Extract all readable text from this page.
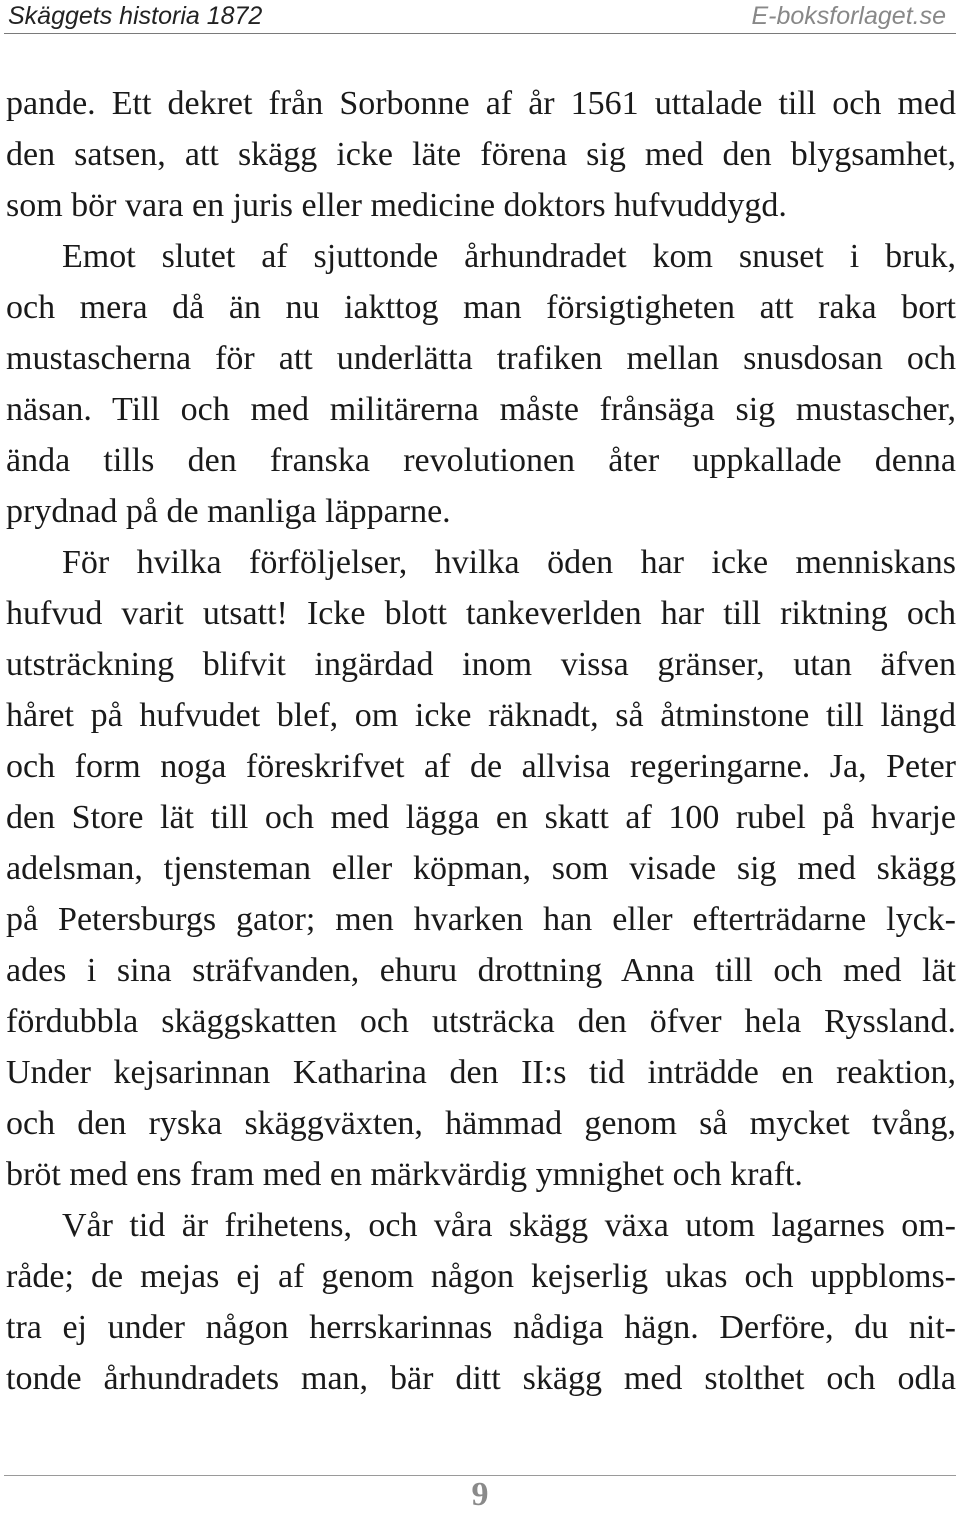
Skäggets historia 1872	E-boksforlaget.se
pande. Ett dekret från Sorbonne af år 1561 uttalade till och med
den satsen, att skägg icke läte förena sig med den blygsamhet,
som bör vara en juris eller medicine doktors hufvuddygd.
Emot slutet af sjuttonde århundradet kom snuset i bruk,
och mera då än nu iakttog man försigtigheten att raka bort
mustascherna för att underlätta trafiken mellan snusdosan och
näsan. Till och med militärerna måste frånsäga sig mustascher,
ända tills den franska revolutionen åter uppkallade denna
prydnad på de manliga läpparne.
För hvilka förföljelser, hvilka öden har icke menniskans
hufvud varit utsatt! Icke blott tankeverlden har till riktning och
utsträckning blifvit ingärdad inom vissa gränser, utan äfven
håret på hufvudet blef, om icke räknadt, så åtminstone till längd
och form noga föreskrifvet af de allvisa regeringarne. Ja, Peter
den Store lät till och med lägga en skatt af 100 rubel på hvarje
adelsman, tjensteman eller köpman, som visade sig med skägg
på Petersburgs gator; men hvarken han eller efterträdarne lyck-
ades i sina sträfvanden, ehuru drottning Anna till och med lät
fördubbla skäggskatten och utsträcka den öfver hela Ryssland.
Under kejsarinnan Katharina den II:s tid inträdde en reaktion,
och den ryska skäggväxten, hämmad genom så mycket tvång,
bröt med ens fram med en märkvärdig ymnighet och kraft.
Vår tid är frihetens, och våra skägg växa utom lagarnes om-
råde; de mejas ej af genom någon kejserlig ukas och uppbloms-
tra ej under någon herrskarinnas nådiga hägn. Derföre, du nit-
tonde århundradets man, bär ditt skägg med stolthet och odla
9
